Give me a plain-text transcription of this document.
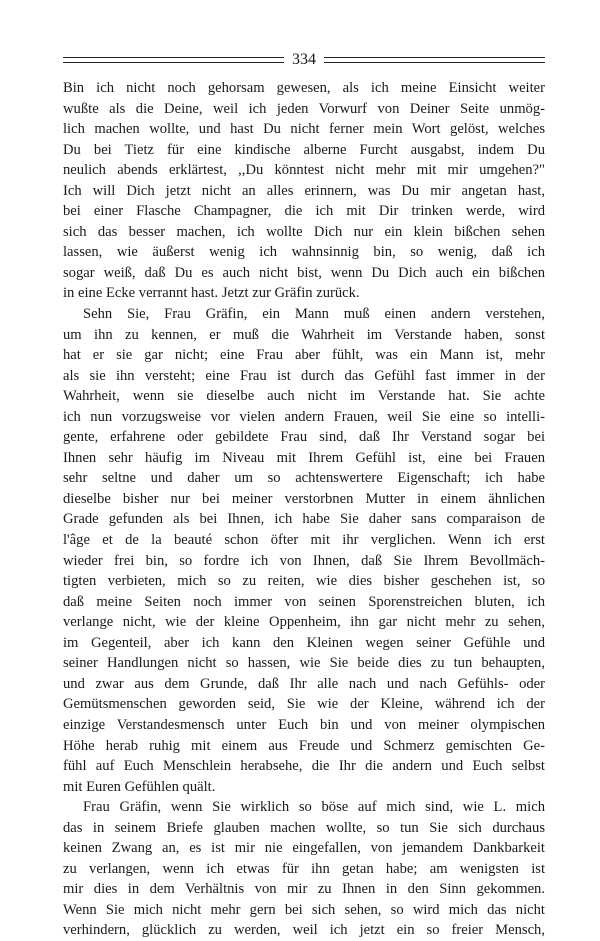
334

Bin ich nicht noch gehorsam gewesen, als ich meine Einsicht weiter

wußte als die Deine, weil ich jeden Vorwurf von Deiner Seite unmög-

lich machen wollte, und hast Du nicht ferner mein Wort gelöst, welches

Du bei Tietz für eine kindische alberne Furcht ausgabst, indem Du

neulich abends erklärtest, ,,Du könntest nicht mehr mit mir umgehen?"

Ich will Dich jetzt nicht an alles erinnern, was Du mir angetan hast,

bei einer Flasche Champagner, die ich mit Dir trinken werde, wird

sich das besser machen, ich wollte Dich nur ein klein bißchen sehen

lassen, wie äußerst wenig ich wahnsinnig bin, so wenig, daß ich

sogar weiß, daß Du es auch nicht bist, wenn Du Dich auch ein bißchen

in eine Ecke verrannt hast. Jetzt zur Gräfin zurück.

Sehn Sie, Frau Gräfin, ein Mann muß einen andern verstehen,

um ihn zu kennen, er muß die Wahrheit im Verstande haben, sonst

hat er sie gar nicht; eine Frau aber fühlt, was ein Mann ist, mehr

als sie ihn versteht; eine Frau ist durch das Gefühl fast immer in der

Wahrheit, wenn sie dieselbe auch nicht im Verstande hat. Sie achte

ich nun vorzugsweise vor vielen andern Frauen, weil Sie eine so intelli-

gente, erfahrene oder gebildete Frau sind, daß Ihr Verstand sogar bei

Ihnen sehr häufig im Niveau mit Ihrem Gefühl ist, eine bei Frauen

sehr seltne und daher um so achtenswertere Eigenschaft; ich habe

dieselbe bisher nur bei meiner verstorbnen Mutter in einem ähnlichen

Grade gefunden als bei Ihnen, ich habe Sie daher sans comparaison de

l'âge et de la beauté schon öfter mit ihr verglichen. Wenn ich erst

wieder frei bin, so fordre ich von Ihnen, daß Sie Ihrem Bevollmäch-

tigten verbieten, mich so zu reiten, wie dies bisher geschehen ist, so

daß meine Seiten noch immer von seinen Sporenstreichen bluten, ich

verlange nicht, wie der kleine Oppenheim, ihn gar nicht mehr zu sehen,

im Gegenteil, aber ich kann den Kleinen wegen seiner Gefühle und

seiner Handlungen nicht so hassen, wie Sie beide dies zu tun behaupten,

und zwar aus dem Grunde, daß Ihr alle nach und nach Gefühls- oder

Gemütsmenschen geworden seid, Sie wie der Kleine, während ich der

einzige Verstandesmensch unter Euch bin und von meiner olympischen

Höhe herab ruhig mit einem aus Freude und Schmerz gemischten Ge-

fühl auf Euch Menschlein herabsehe, die Ihr die andern und Euch selbst

mit Euren Gefühlen quält.

Frau Gräfin, wenn Sie wirklich so böse auf mich sind, wie L. mich

das in seinem Briefe glauben machen wollte, so tun Sie sich durchaus

keinen Zwang an, es ist mir nie eingefallen, von jemandem Dankbarkeit

zu verlangen, wenn ich etwas für ihn getan habe; am wenigsten ist

mir dies in dem Verhältnis von mir zu Ihnen in den Sinn gekommen.

Wenn Sie mich nicht mehr gern bei sich sehen, so wird mich das nicht

verhindern, glücklich zu werden, weil ich jetzt ein so freier Mensch,
